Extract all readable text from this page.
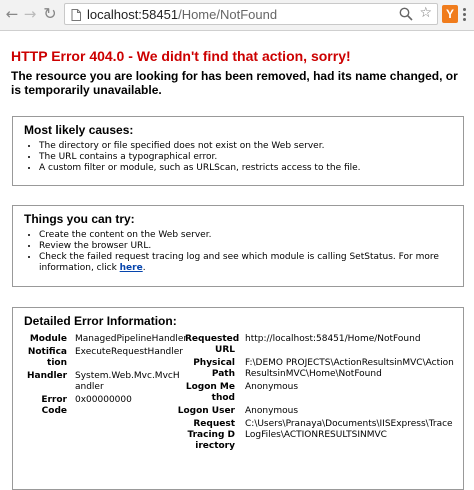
← → ↻ localhost:58451/Home/NotFound	☆	Y
HTTP Error 404.0 - We didn't find that action, sorry!
The resource you are looking for has been removed, had its name changed, or is temporarily unavailable.
Most likely causes:
• The directory or file specified does not exist on the Web server.
• The URL contains a typographical error.
• A custom filter or module, such as URLScan, restricts access to the file.
Things you can try:
• Create the content on the Web server.
• Review the browser URL.
• Check the failed request tracing log and see which module is calling SetStatus. For more information, click here.
Detailed Error Information:
Module ManagedPipelineHandler
Notification
ExecuteRequestHandler
Handler System.Web.Mvc.MvcHandler
Error Code
0x00000000
Requested URL
http://localhost:58451/Home/NotFound
Physical Path
F:\DEMO PROJECTS\ActionResultsinMVC\ActionResultsinMVC\Home\NotFound
Logon Method
Anonymous
Logon User Anonymous
Request Tracing Directory
C:\Users\Pranaya\Documents\IISExpress\TraceLogFiles\ACTIONRESULTSINMVC
